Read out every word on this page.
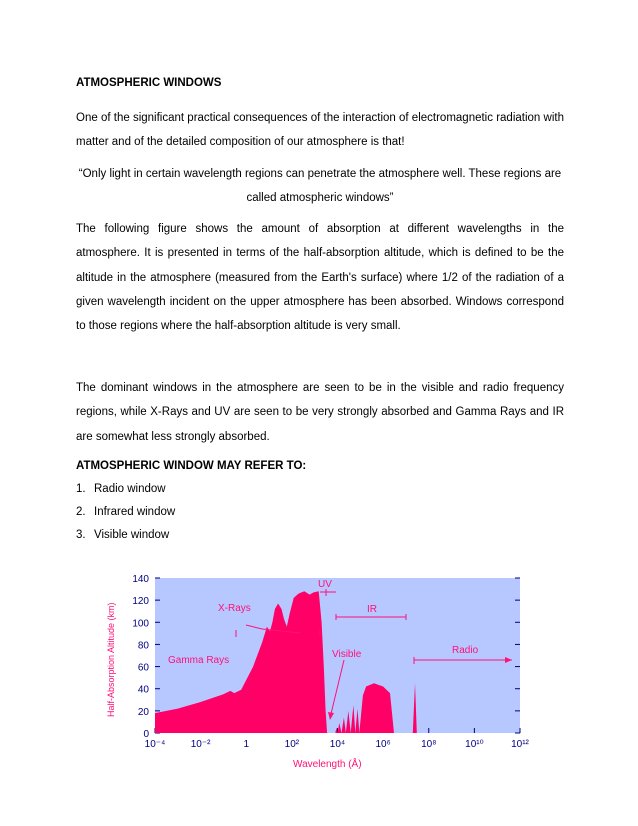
ATMOSPHERIC WINDOWS

One of the significant practical consequences of the interaction of electromagnetic radiation with matter and of the detailed composition of our atmosphere is that!

“Only light in certain wavelength regions can penetrate the atmosphere well. These regions are called atmospheric windows”

The following figure shows the amount of absorption at different wavelengths in the atmosphere. It is presented in terms of the half-absorption altitude, which is defined to be the altitude in the atmosphere (measured from the Earth's surface) where 1/2 of the radiation of a given wavelength incident on the upper atmosphere has been absorbed. Windows correspond to those regions where the half-absorption altitude is very small.

The dominant windows in the atmosphere are seen to be in the visible and radio frequency regions, while X-Rays and UV are seen to be very strongly absorbed and Gamma Rays and IR are somewhat less strongly absorbed.

ATMOSPHERIC WINDOW MAY REFER TO:

1. Radio window
2. Infrared window
3. Visible window
0
20
40
60
80
100
120
140
10⁻⁴	10⁻²	1	10²	10⁴	10⁶	10⁸	10¹⁰	10¹²
Gamma Rays
X-Rays
UV
IR
Visible	Radio
Wavelength (Å)
Half-Absorption Altitude (km)
